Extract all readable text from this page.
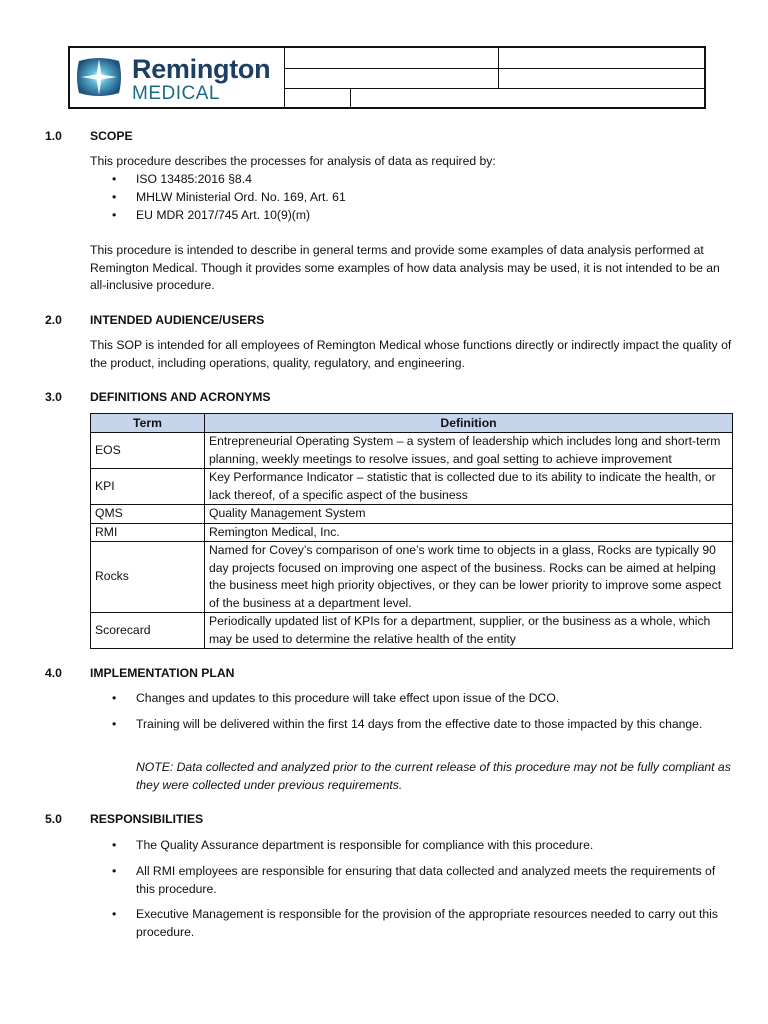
Remington
MEDICAL
1.0 SCOPE

This procedure describes the processes for analysis of data as required by:

• ISO 13485:2016 §8.4
• MHLW Ministerial Ord. No. 169, Art. 61
• EU MDR 2017/745 Art. 10(9)(m)

This procedure is intended to describe in general terms and provide some examples of data analysis performed at Remington Medical. Though it provides some examples of how data analysis may be used, it is not intended to be an all-inclusive procedure.

2.0 INTENDED AUDIENCE/USERS

This SOP is intended for all employees of Remington Medical whose functions directly or indirectly impact the quality of the product, including operations, quality, regulatory, and engineering.

3.0 DEFINITIONS AND ACRONYMS
Term	Definition
EOS	Entrepreneurial Operating System – a system of leadership which includes long and short-term planning, weekly meetings to resolve issues, and goal setting to achieve improvement
KPI	Key Performance Indicator – statistic that is collected due to its ability to indicate the health, or lack thereof, of a specific aspect of the business
QMS	Quality Management System
RMI	Remington Medical, Inc.
Rocks	Named for Covey’s comparison of one’s work time to objects in a glass, Rocks are typically 90 day projects focused on improving one aspect of the business. Rocks can be aimed at helping the business meet high priority objectives, or they can be lower priority to improve some aspect of the business at a department level.
Scorecard	Periodically updated list of KPIs for a department, supplier, or the business as a whole, which may be used to determine the relative health of the entity
4.0 IMPLEMENTATION PLAN
• Changes and updates to this procedure will take effect upon issue of the DCO.
• Training will be delivered within the first 14 days from the effective date to those impacted by this change.
NOTE: Data collected and analyzed prior to the current release of this procedure may not be fully compliant as they were collected under previous requirements.
5.0 RESPONSIBILITIES
• The Quality Assurance department is responsible for compliance with this procedure.
• All RMI employees are responsible for ensuring that data collected and analyzed meets the requirements of this procedure.
• Executive Management is responsible for the provision of the appropriate resources needed to carry out this procedure.
